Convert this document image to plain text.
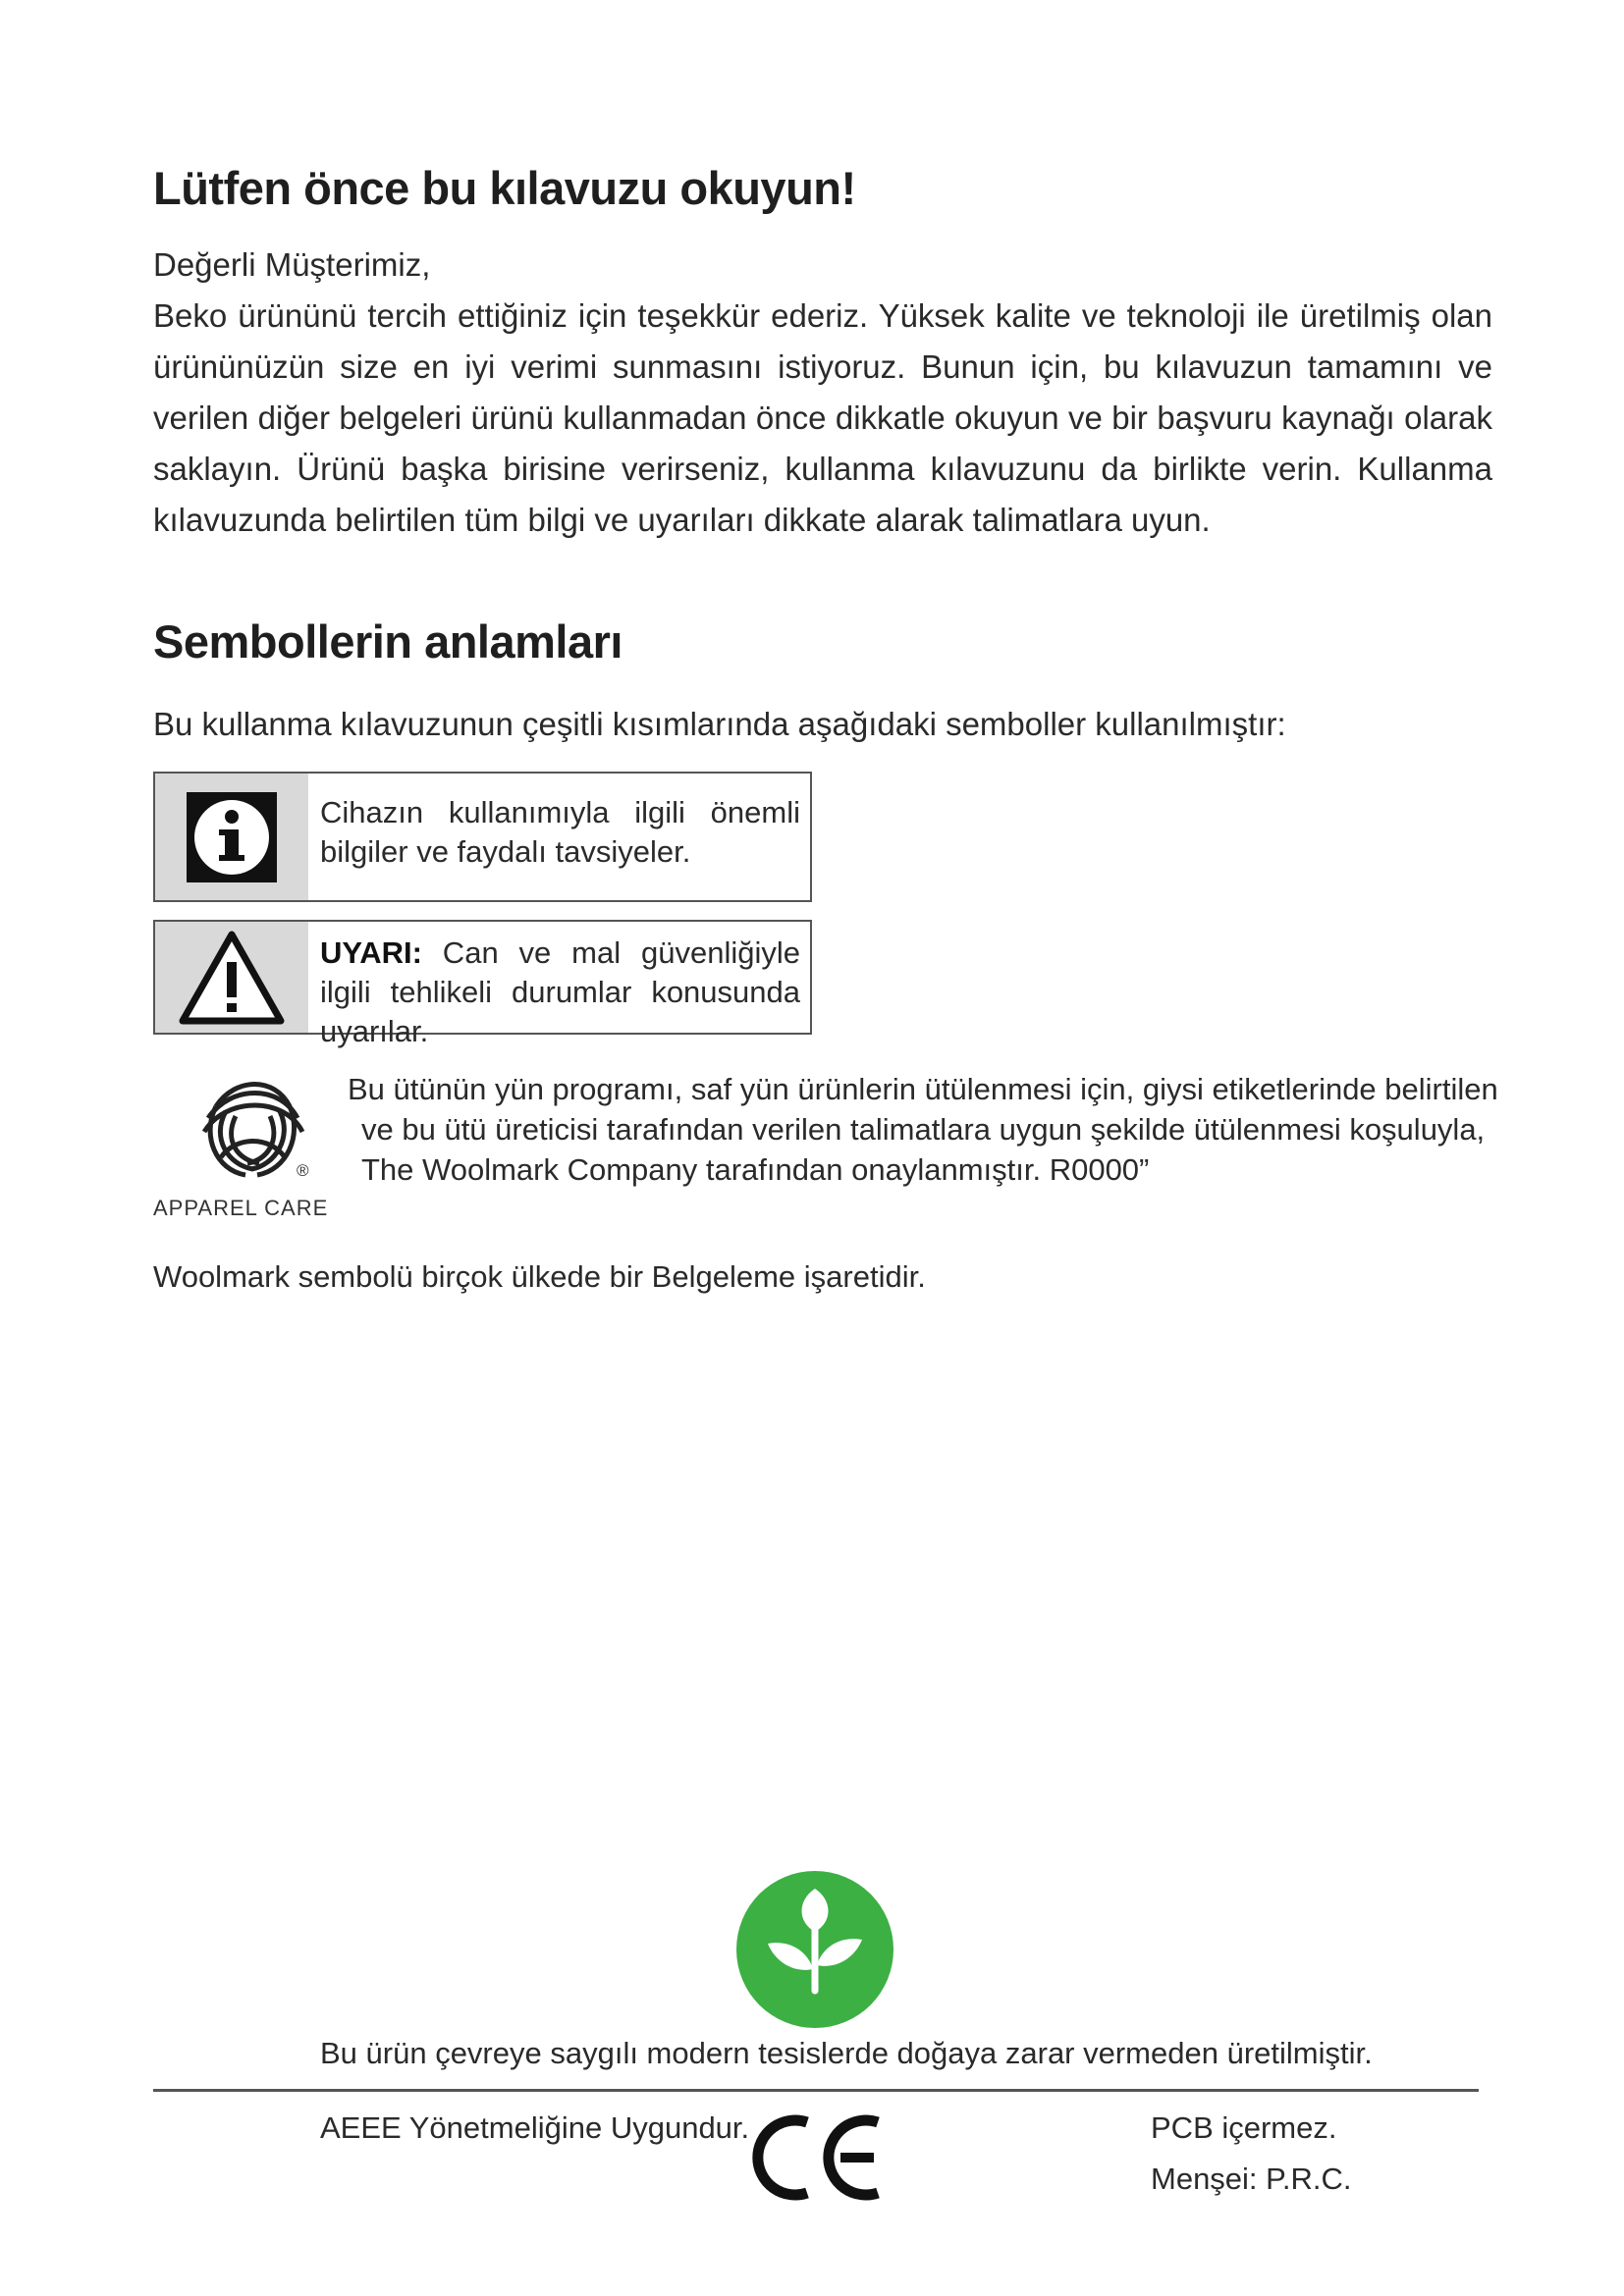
Lütfen önce bu kılavuzu okuyun!
Değerli Müşterimiz,
Beko ürününü tercih ettiğiniz için teşekkür ederiz. Yüksek kalite ve teknoloji ile üretilmiş olan ürününüzün size en iyi verimi sunmasını istiyoruz. Bunun için, bu kılavuzun tamamını ve verilen diğer belgeleri ürünü kullanmadan önce dikkatle okuyun ve bir başvuru kaynağı olarak saklayın. Ürünü başka birisine verirseniz, kullanma kılavuzunu da birlikte verin. Kullanma kılavuzunda belirtilen tüm bilgi ve uyarıları dikkate alarak talimatlara uyun.
Sembollerin anlamları
Bu kullanma kılavuzunun çeşitli kısımlarında aşağıdaki semboller kullanılmıştır:
Cihazın kullanımıyla ilgili önemli bilgiler ve faydalı tavsiyeler.
UYARI: Can ve mal güvenliğiyle ilgili tehlikeli durumlar konusunda uyarılar.
®
APPAREL CARE
Bu ütünün yün programı, saf yün ürünlerin ütülenmesi için, giysi etiketlerinde belirtilen
ve bu ütü üreticisi tarafından verilen talimatlara uygun şekilde ütülenmesi koşuluyla,
The Woolmark Company tarafından onaylanmıştır. R0000”
Woolmark sembolü birçok ülkede bir Belgeleme işaretidir.
Bu ürün çevreye saygılı modern tesislerde doğaya zarar vermeden üretilmiştir.
AEEE Yönetmeliğine Uygundur.	PCB içermez.
Menşei: P.R.C.
